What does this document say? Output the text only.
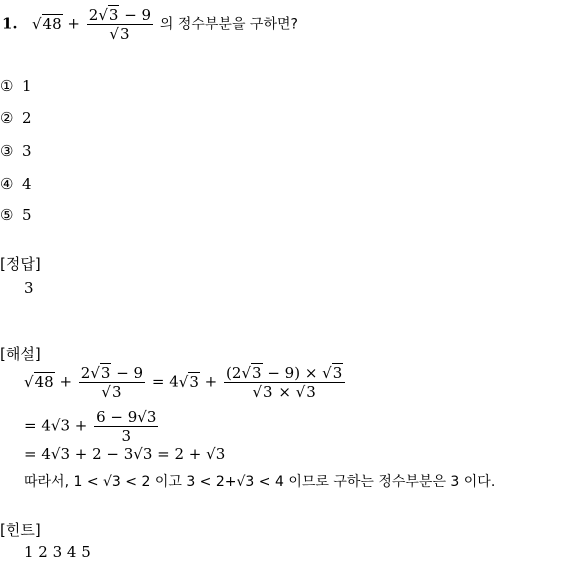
1. $√48 + \frac{2√3 - 9}{√3}$ 의 정수부분을 구하면?
① 1
② 2
③ 3
④ 4
⑤ 5
[정답]
3
[해설]
$√48 + \frac{2√3 - 9}{√3} = 4√3 + \frac{(2√3 - 9) \times √3}{√3 \times √3}$
= $4√3 + \frac{6 - 9√3}{3}$
= 4√3 + 2 − 3√3 = 2 + √3
따라서, 1 < √3 < 2 이고 3 < 2+√3 < 4 이므로 구하는 정수부분은 3 이다.
[힌트]
1 2 3 4 5
